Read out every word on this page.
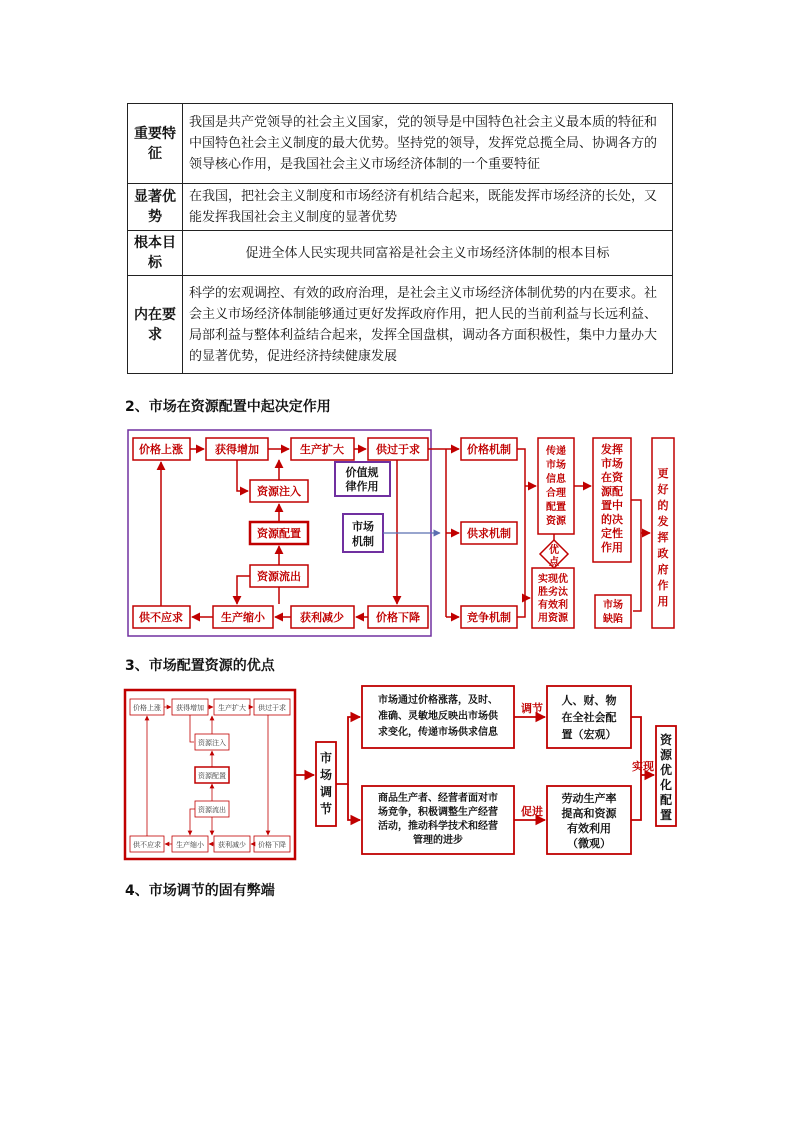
重要特征	我国是共产党领导的社会主义国家，党的领导是中国特色社会主义最本质的特征和中国特色社会主义制度的最大优势。坚持党的领导，发挥党总揽全局、协调各方的领导核心作用，是我国社会主义市场经济体制的一个重要特征
显著优势	在我国，把社会主义制度和市场经济有机结合起来，既能发挥市场经济的长处，又能发挥我国社会主义制度的显著优势
根本目标	促进全体人民实现共同富裕是社会主义市场经济体制的根本目标
内在要求	科学的宏观调控、有效的政府治理，是社会主义市场经济体制优势的内在要求。社会主义市场经济体制能够通过更好发挥政府作用，把人民的当前利益与长远利益、局部利益与整体利益结合起来，发挥全国盘棋，调动各方面积极性，集中力量办大的显著优势，促进经济持续健康发展
2、市场在资源配置中起决定作用
价格上涨	获得增加	生产扩大	供过于求
资源注入
资源配置
资源流出
供不应求	生产缩小	获利减少	价格下降
价格机制
供求机制
竞争机制
价值规
律作用
市场
机制
传递
市场
信息
合理
配置
资源
优
点
实现优
胜劣汰
有效利
用资源
市场
缺陷
发挥
市场
在资
源配
置中
的决
定性
作用
更
好
的
发
挥
政
府
作
用
3、市场配置资源的优点
价格上涨 获得增加 生产扩大 供过于求
资源注入
资源配置
资源流出
供不应求 生产缩小 获利减少 价格下降
市
场
调
节
资
源
优
化
配
置
市场通过价格涨落，及时、
准确、灵敏地反映出市场供
求变化，传递市场供求信息
商品生产者、经营者面对市
场竞争，积极调整生产经营
活动，推动科学技术和经营
管理的进步
人、财、物
在全社会配
置（宏观）
劳动生产率
提高和资源
有效利用
（微观）
调节
促进
实现
4、市场调节的固有弊端
